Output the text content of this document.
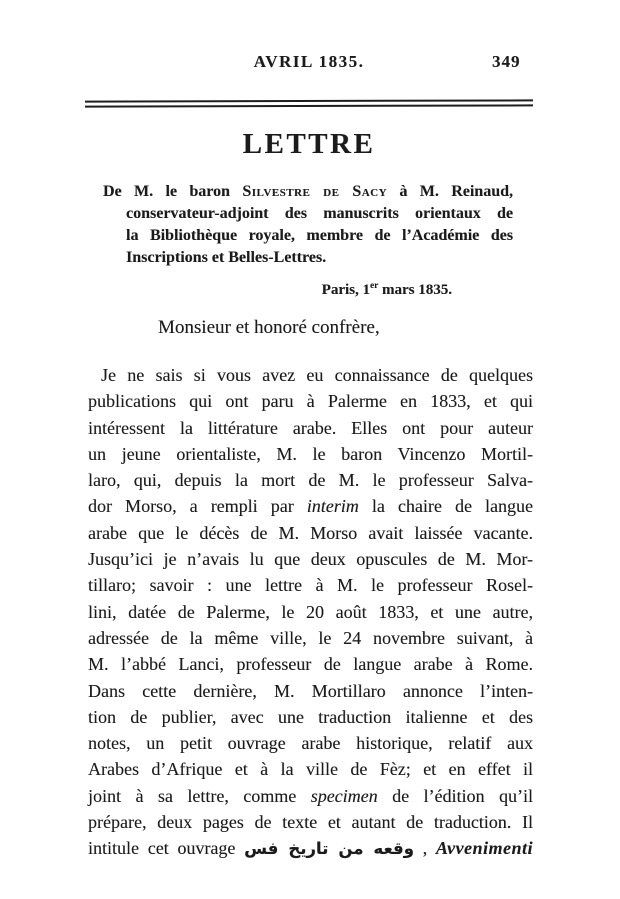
AVRIL 1835.	349
LETTRE
De M. le baron Silvestre de Sacy à M. Reinaud,
conservateur-adjoint des manuscrits orientaux de
la Bibliothèque royale, membre de l’Académie des
Inscriptions et Belles-Lettres.
Paris, 1er mars 1835.
Monsieur et honoré confrère,
Je ne sais si vous avez eu connaissance de quelques
publications qui ont paru à Palerme en 1833, et qui
intéressent la littérature arabe. Elles ont pour auteur
un jeune orientaliste, M. le baron Vincenzo Mortil-
laro, qui, depuis la mort de M. le professeur Salva-
dor Morso, a rempli par interim la chaire de langue
arabe que le décès de M. Morso avait laissée vacante.
Jusqu’ici je n’avais lu que deux opuscules de M. Mor-
tillaro; savoir : une lettre à M. le professeur Rosel-
lini, datée de Palerme, le 20 août 1833, et une autre,
adressée de la même ville, le 24 novembre suivant, à
M. l’abbé Lanci, professeur de langue arabe à Rome.
Dans cette dernière, M. Mortillaro annonce l’inten-
tion de publier, avec une traduction italienne et des
notes, un petit ouvrage arabe historique, relatif aux
Arabes d’Afrique et à la ville de Fèz; et en effet il
joint à sa lettre, comme specimen de l’édition qu’il
prépare, deux pages de texte et autant de traduction. Il
intitule cet ouvrage وقعه من تاريخ فس , Avvenimenti
